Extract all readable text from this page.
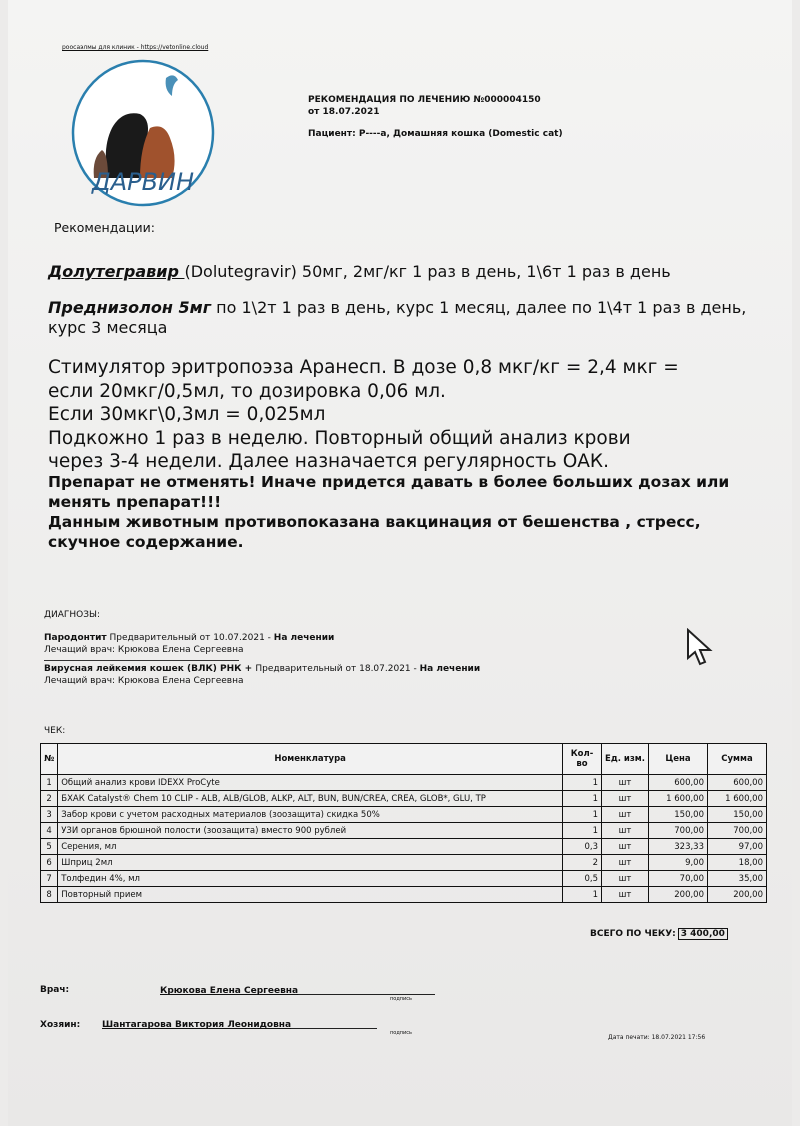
роосаэлмы для клиник - https://vetonline.cloud
ДАРВИН
РЕКОМЕНДАЦИЯ ПО ЛЕЧЕНИЮ №000004150
от 18.07.2021
Пациент: Р----а, Домашняя кошка (Domestic cat)
Рекомендации:
Долутегравир (Dolutegravir) 50мг, 2мг/кг 1 раз в день, 1\6т 1 раз в день
Преднизолон 5мг по 1\2т 1 раз в день, курс 1 месяц, далее по 1\4т 1 раз в день, курс 3 месяца
Стимулятор эритропоэза Аранесп. В дозе 0,8 мкг/кг = 2,4 мкг =
если 20мкг/0,5мл, то дозировка 0,06 мл.
Если 30мкг\0,3мл = 0,025мл
Подкожно 1 раз в неделю. Повторный общий анализ крови
через 3-4 недели. Далее назначается регулярность ОАК.
Препарат не отменять! Иначе придется давать в более больших дозах или менять препарат!!!
Данным животным противопоказана вакцинация от бешенства , стресс, скучное содержание.
ДИАГНОЗЫ:
Пародонтит Предварительный от 10.07.2021 - На лечении
Лечащий врач: Крюкова Елена Сергеевна
Вирусная лейкемия кошек (ВЛК) РНК + Предварительный от 18.07.2021 - На лечении
Лечащий врач: Крюкова Елена Сергеевна
ЧЕК:
№	Номенклатура	Кол-во	Ед. изм.	Цена	Сумма
1	Общий анализ крови IDEXX ProCyte	1	шт	600,00	600,00
2	БХАК Catalyst® Chem 10 CLIP - ALB, ALB/GLOB, ALKP, ALT, BUN, BUN/CREA, CREA, GLOB*, GLU, TP	1	шт	1 600,00	1 600,00
3	Забор крови с учетом расходных материалов (зоозащита) скидка 50%	1	шт	150,00	150,00
4	УЗИ органов брюшной полости (зоозащита) вместо 900 рублей	1	шт	700,00	700,00
5	Серения, мл	0,3	шт	323,33	97,00
6	Шприц 2мл	2	шт	9,00	18,00
7	Толфедин 4%, мл	0,5	шт	70,00	35,00
8	Повторный прием	1	шт	200,00	200,00
ВСЕГО ПО ЧЕКУ: 3 400,00
Врач:	Крюкова Елена Сергеевна
подпись
Хозяин: Шантагарова Виктория Леонидовна
подпись
Дата печати: 18.07.2021 17:56
